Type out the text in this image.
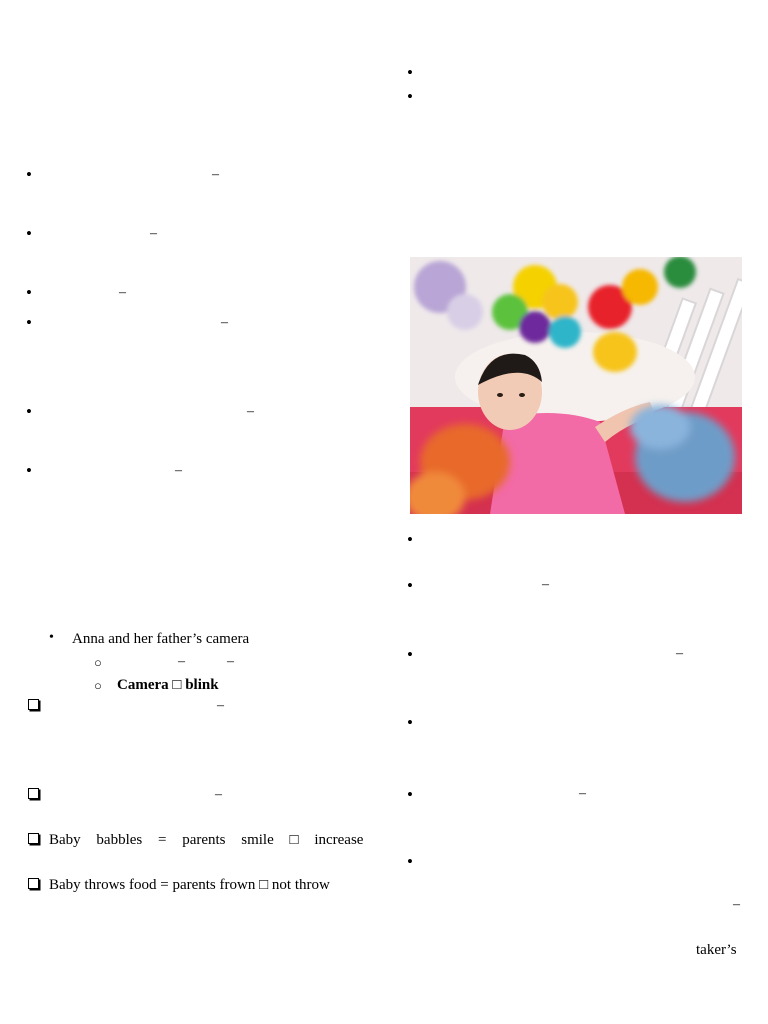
•	–
•	–
•	–
•	–
•	–
•	–
• Anna and her father’s camera
○	–	–
○ Camera □ blink
–
–
Baby babbles = parents smile □ increase
Baby throws food = parents frown □ not throw
•
•
•
•	–
•	–
•
•	–
•
–
taker’s
